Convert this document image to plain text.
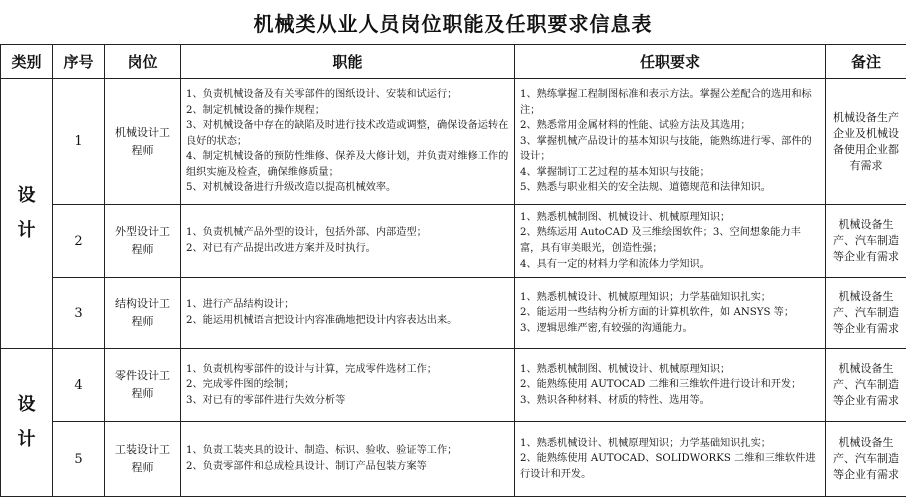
机械类从业人员岗位职能及任职要求信息表
类别	序号	岗位	职能	任职要求	备注

设计	1	机械设计工程师	1、负责机械设备及有关零部件的图纸设计、安装和试运行；
2、制定机械设备的操作规程；
3、对机械设备中存在的缺陷及时进行技术改造或调整，确保设备运转在良好的状态；
4、制定机械设备的预防性维修、保养及大修计划，并负责对维修工作的组织实施及检查，确保维修质量；
5、对机械设备进行升级改造以提高机械效率。	1、熟练掌握工程制图标准和表示方法。掌握公差配合的选用和标注；
2、熟悉常用金属材料的性能、试验方法及其选用；
3、掌握机械产品设计的基本知识与技能，能熟练进行零、部件的设计；
4、掌握制订工艺过程的基本知识与技能；
5、熟悉与职业相关的安全法规、道德规范和法律知识。	机械设备生产企业及机械设备使用企业都有需求
	2	外型设计工程师	1、负责机械产品外型的设计，包括外部、内部造型；
2、对已有产品提出改进方案并及时执行。	1、熟悉机械制图、机械设计、机械原理知识；
2、熟练运用 AutoCAD 及三维绘图软件；3、空间想象能力丰富，具有审美眼光，创造性强；
4、具有一定的材料力学和流体力学知识。	机械设备生产、汽车制造等企业有需求
	3	结构设计工程师	1、进行产品结构设计；
2、能运用机械语言把设计内容准确地把设计内容表达出来。	1、熟悉机械设计、机械原理知识；力学基础知识扎实；
2、能运用一些结构分析方面的计算机软件，如 ANSYS 等；
3、逻辑思维严密,有较强的沟通能力。	机械设备生产、汽车制造等企业有需求

设计	4	零件设计工程师	1、负责机构零部件的设计与计算，完成零件选材工作；
2、完成零件图的绘制；
3、对已有的零部件进行失效分析等	1、熟悉机械制图、机械设计、机械原理知识；
2、能熟练使用 AUTOCAD 二维和三维软件进行设计和开发；
3、熟识各种材料、材质的特性、选用等。	机械设备生产、汽车制造等企业有需求
	5	工装设计工程师	1、负责工装夹具的设计、制造、标识、验收、验证等工作；
2、负责零部件和总成检具设计、制订产品包装方案等	1、熟悉机械设计、机械原理知识；力学基础知识扎实；
2、能熟练使用 AUTOCAD、SOLIDWORKS 二维和三维软件进行设计和开发。	机械设备生产、汽车制造等企业有需求
